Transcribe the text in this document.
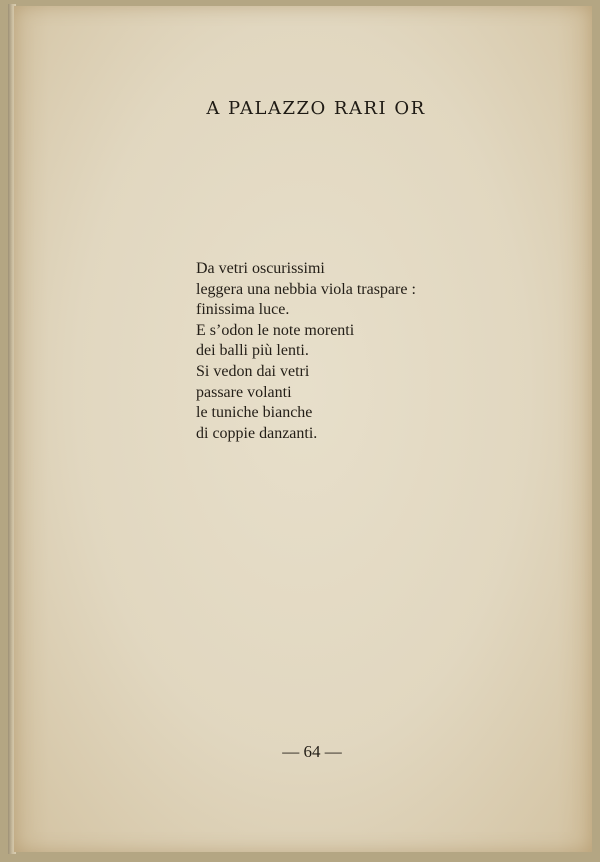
A PALAZZO RARI OR
Da vetri oscurissimi
leggera una nebbia viola traspare :
finissima luce.
E s’odon le note morenti
dei balli più lenti.
Si vedon dai vetri
passare volanti
le tuniche bianche
di coppie danzanti.
— 64 —
